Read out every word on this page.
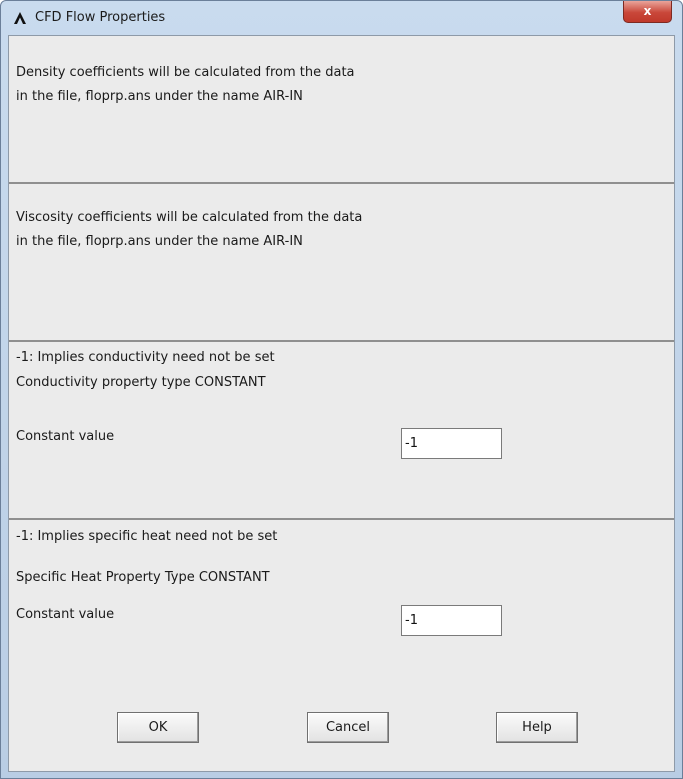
CFD Flow Properties	x
Density coefficients will be calculated from the data
in the file, floprp.ans under the name AIR-IN
Viscosity coefficients will be calculated from the data
in the file, floprp.ans under the name AIR-IN
-1: Implies conductivity need not be set
Conductivity property type CONSTANT
Constant value
-1
-1: Implies specific heat need not be set
Specific Heat Property Type CONSTANT
Constant value
-1
OK	Cancel	Help
